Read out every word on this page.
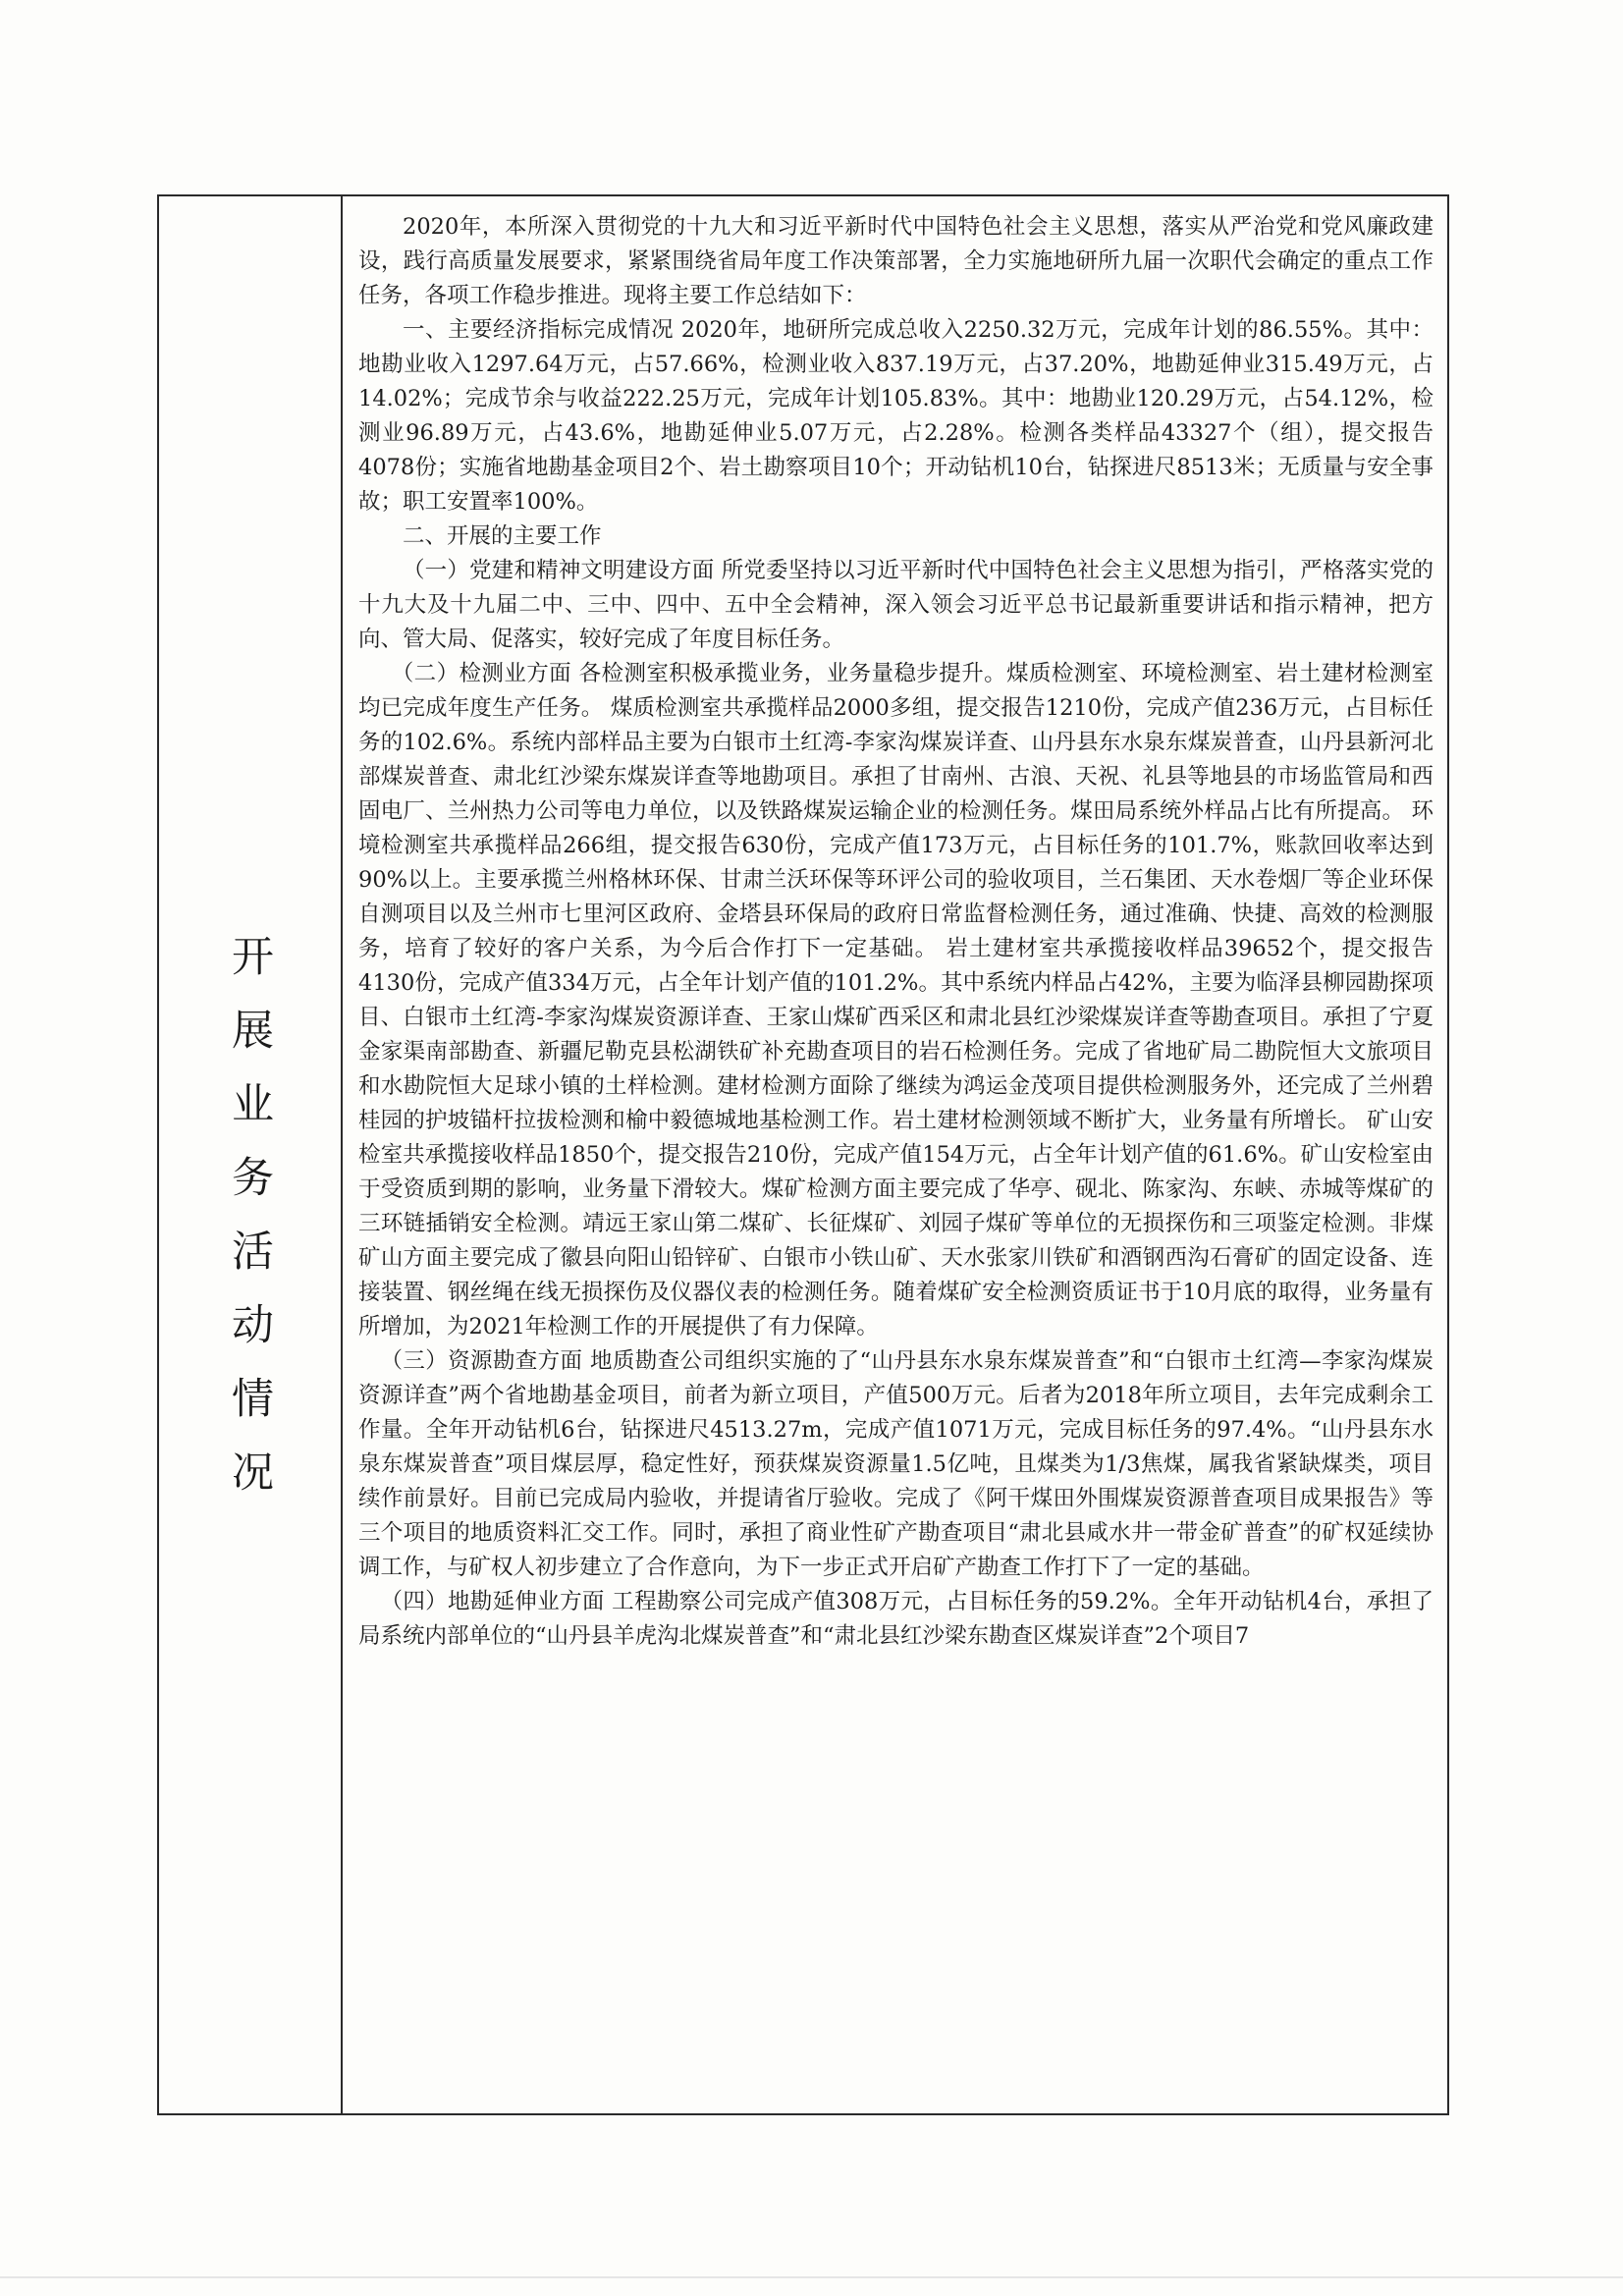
开展业务活动情况

2020年，本所深入贯彻党的十九大和习近平新时代中国特色社会主义思想，落实从严治党和党风廉政建设，践行高质量发展要求，紧紧围绕省局年度工作决策部署，全力实施地研所九届一次职代会确定的重点工作任务，各项工作稳步推进。现将主要工作总结如下：

一、主要经济指标完成情况 2020年，地研所完成总收入2250.32万元，完成年计划的86.55%。其中：地勘业收入1297.64万元，占57.66%，检测业收入837.19万元，占37.20%，地勘延伸业315.49万元，占14.02%；完成节余与收益222.25万元，完成年计划105.83%。其中：地勘业120.29万元，占54.12%，检测业96.89万元，占43.6%，地勘延伸业5.07万元，占2.28%。检测各类样品43327个（组），提交报告4078份；实施省地勘基金项目2个、岩土勘察项目10个；开动钻机10台，钻探进尺8513米；无质量与安全事故；职工安置率100%。

二、开展的主要工作

（一）党建和精神文明建设方面 所党委坚持以习近平新时代中国特色社会主义思想为指引，严格落实党的十九大及十九届二中、三中、四中、五中全会精神，深入领会习近平总书记最新重要讲话和指示精神，把方向、管大局、促落实，较好完成了年度目标任务。

（二）检测业方面 各检测室积极承揽业务，业务量稳步提升。煤质检测室、环境检测室、岩土建材检测室均已完成年度生产任务。 煤质检测室共承揽样品2000多组，提交报告1210份，完成产值236万元，占目标任务的102.6%。系统内部样品主要为白银市土红湾-李家沟煤炭详查、山丹县东水泉东煤炭普查，山丹县新河北部煤炭普查、肃北红沙梁东煤炭详查等地勘项目。承担了甘南州、古浪、天祝、礼县等地县的市场监管局和西固电厂、兰州热力公司等电力单位，以及铁路煤炭运输企业的检测任务。煤田局系统外样品占比有所提高。 环境检测室共承揽样品266组，提交报告630份，完成产值173万元，占目标任务的101.7%，账款回收率达到90%以上。主要承揽兰州格林环保、甘肃兰沃环保等环评公司的验收项目，兰石集团、天水卷烟厂等企业环保自测项目以及兰州市七里河区政府、金塔县环保局的政府日常监督检测任务，通过准确、快捷、高效的检测服务，培育了较好的客户关系，为今后合作打下一定基础。 岩土建材室共承揽接收样品39652个，提交报告4130份，完成产值334万元，占全年计划产值的101.2%。其中系统内样品占42%，主要为临泽县柳园勘探项目、白银市土红湾-李家沟煤炭资源详查、王家山煤矿西采区和肃北县红沙梁煤炭详查等勘查项目。承担了宁夏金家渠南部勘查、新疆尼勒克县松湖铁矿补充勘查项目的岩石检测任务。完成了省地矿局二勘院恒大文旅项目和水勘院恒大足球小镇的土样检测。建材检测方面除了继续为鸿运金茂项目提供检测服务外，还完成了兰州碧桂园的护坡锚杆拉拔检测和榆中毅德城地基检测工作。岩土建材检测领域不断扩大，业务量有所增长。 矿山安检室共承揽接收样品1850个，提交报告210份，完成产值154万元，占全年计划产值的61.6%。矿山安检室由于受资质到期的影响，业务量下滑较大。煤矿检测方面主要完成了华亭、砚北、陈家沟、东峡、赤城等煤矿的三环链插销安全检测。靖远王家山第二煤矿、长征煤矿、刘园子煤矿等单位的无损探伤和三项鉴定检测。非煤矿山方面主要完成了徽县向阳山铅锌矿、白银市小铁山矿、天水张家川铁矿和酒钢西沟石膏矿的固定设备、连接装置、钢丝绳在线无损探伤及仪器仪表的检测任务。随着煤矿安全检测资质证书于10月底的取得，业务量有所增加，为2021年检测工作的开展提供了有力保障。

（三）资源勘查方面 地质勘查公司组织实施的了“山丹县东水泉东煤炭普查”和“白银市土红湾—李家沟煤炭资源详查”两个省地勘基金项目，前者为新立项目，产值500万元。后者为2018年所立项目，去年完成剩余工作量。全年开动钻机6台，钻探进尺4513.27m，完成产值1071万元，完成目标任务的97.4%。“山丹县东水泉东煤炭普查”项目煤层厚，稳定性好，预获煤炭资源量1.5亿吨，且煤类为1/3焦煤，属我省紧缺煤类，项目续作前景好。目前已完成局内验收，并提请省厅验收。完成了《阿干煤田外围煤炭资源普查项目成果报告》等三个项目的地质资料汇交工作。同时，承担了商业性矿产勘查项目“肃北县咸水井一带金矿普查”的矿权延续协调工作，与矿权人初步建立了合作意向，为下一步正式开启矿产勘查工作打下了一定的基础。

（四）地勘延伸业方面 工程勘察公司完成产值308万元，占目标任务的59.2%。全年开动钻机4台，承担了局系统内部单位的“山丹县羊虎沟北煤炭普查”和“肃北县红沙梁东勘查区煤炭详查”2个项目7
